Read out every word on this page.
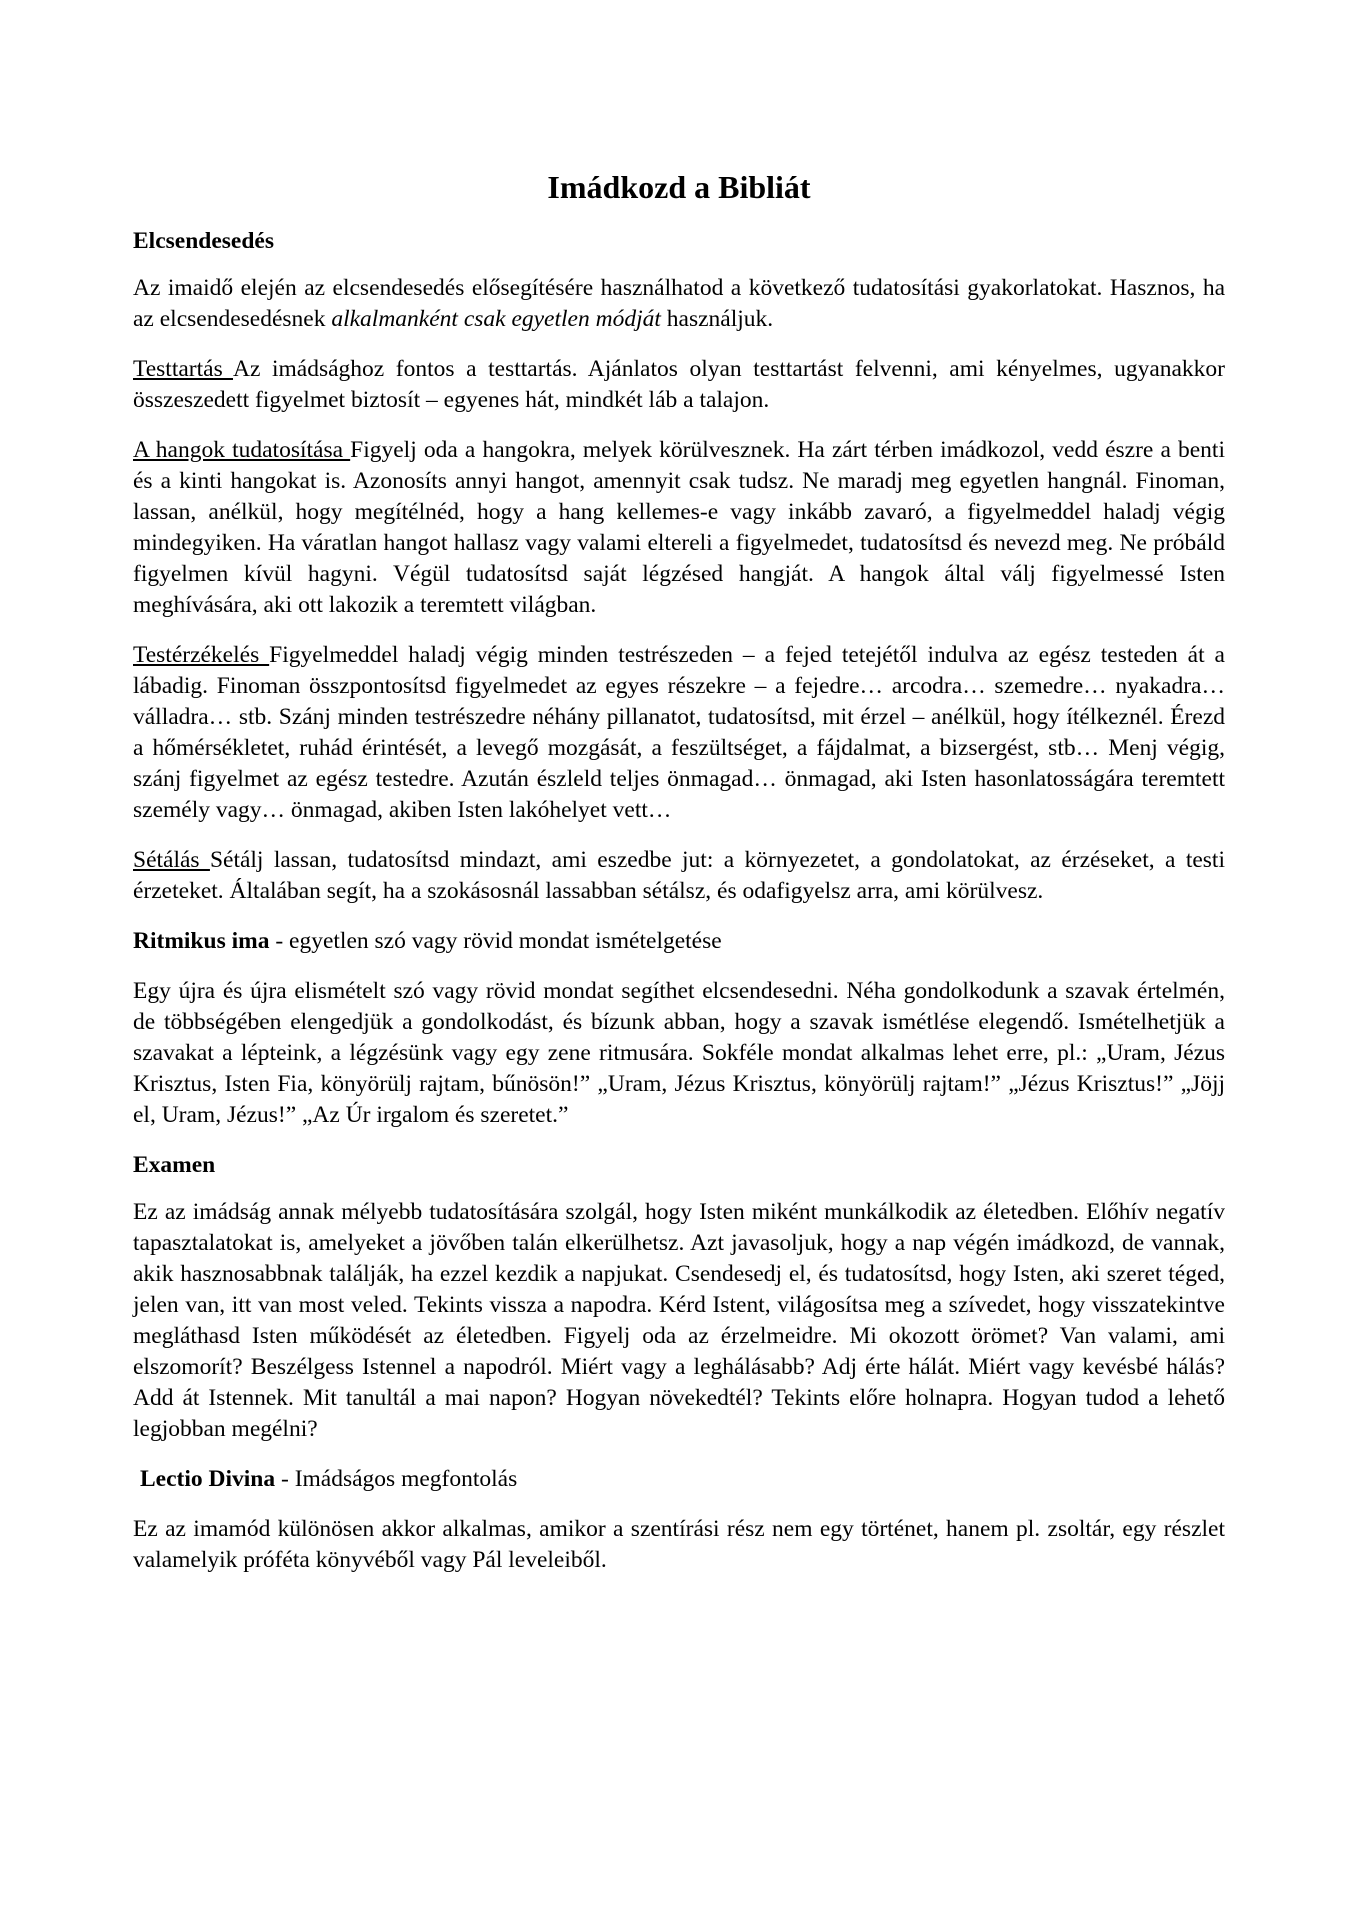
Imádkozd a Bibliát
Elcsendesedés

Az imaidő elején az elcsendesedés elősegítésére használhatod a következő tudatosítási gyakorlatokat. Hasznos, ha az elcsendesedésnek alkalmanként csak egyetlen módját használjuk.

Testtartás Az imádsághoz fontos a testtartás. Ajánlatos olyan testtartást felvenni, ami kényelmes, ugyanakkor összeszedett figyelmet biztosít – egyenes hát, mindkét láb a talajon.

A hangok tudatosítása Figyelj oda a hangokra, melyek körülvesznek. Ha zárt térben imádkozol, vedd észre a benti és a kinti hangokat is. Azonosíts annyi hangot, amennyit csak tudsz. Ne maradj meg egyetlen hangnál. Finoman, lassan, anélkül, hogy megítélnéd, hogy a hang kellemes-e vagy inkább zavaró, a figyelmeddel haladj végig mindegyiken. Ha váratlan hangot hallasz vagy valami eltereli a figyelmedet, tudatosítsd és nevezd meg. Ne próbáld figyelmen kívül hagyni. Végül tudatosítsd saját légzésed hangját. A hangok által válj figyelmessé Isten meghívására, aki ott lakozik a teremtett világban.

Testérzékelés Figyelmeddel haladj végig minden testrészeden – a fejed tetejétől indulva az egész testeden át a lábadig. Finoman összpontosítsd figyelmedet az egyes részekre – a fejedre… arcodra… szemedre… nyakadra… válladra… stb. Szánj minden testrészedre néhány pillanatot, tudatosítsd, mit érzel – anélkül, hogy ítélkeznél. Érezd a hőmérsékletet, ruhád érintését, a levegő mozgását, a feszültséget, a fájdalmat, a bizsergést, stb… Menj végig, szánj figyelmet az egész testedre. Azután észleld teljes önmagad… önmagad, aki Isten hasonlatosságára teremtett személy vagy… önmagad, akiben Isten lakóhelyet vett…

Sétálás Sétálj lassan, tudatosítsd mindazt, ami eszedbe jut: a környezetet, a gondolatokat, az érzéseket, a testi érzeteket. Általában segít, ha a szokásosnál lassabban sétálsz, és odafigyelsz arra, ami körülvesz.

Ritmikus ima - egyetlen szó vagy rövid mondat ismételgetése

Egy újra és újra elismételt szó vagy rövid mondat segíthet elcsendesedni. Néha gondolkodunk a szavak értelmén, de többségében elengedjük a gondolkodást, és bízunk abban, hogy a szavak ismétlése elegendő. Ismételhetjük a szavakat a lépteink, a légzésünk vagy egy zene ritmusára. Sokféle mondat alkalmas lehet erre, pl.: „Uram, Jézus Krisztus, Isten Fia, könyörülj rajtam, bűnösön!” „Uram, Jézus Krisztus, könyörülj rajtam!” „Jézus Krisztus!” „Jöjj el, Uram, Jézus!” „Az Úr irgalom és szeretet.”

Examen

Ez az imádság annak mélyebb tudatosítására szolgál, hogy Isten miként munkálkodik az életedben. Előhív negatív tapasztalatokat is, amelyeket a jövőben talán elkerülhetsz. Azt javasoljuk, hogy a nap végén imádkozd, de vannak, akik hasznosabbnak találják, ha ezzel kezdik a napjukat. Csendesedj el, és tudatosítsd, hogy Isten, aki szeret téged, jelen van, itt van most veled. Tekints vissza a napodra. Kérd Istent, világosítsa meg a szívedet, hogy visszatekintve megláthasd Isten működését az életedben. Figyelj oda az érzelmeidre. Mi okozott örömet? Van valami, ami elszomorít? Beszélgess Istennel a napodról. Miért vagy a leghálásabb? Adj érte hálát. Miért vagy kevésbé hálás? Add át Istennek. Mit tanultál a mai napon? Hogyan növekedtél? Tekints előre holnapra. Hogyan tudod a lehető legjobban megélni?

Lectio Divina - Imádságos megfontolás

Ez az imamód különösen akkor alkalmas, amikor a szentírási rész nem egy történet, hanem pl. zsoltár, egy részlet valamelyik próféta könyvéből vagy Pál leveleiből.
